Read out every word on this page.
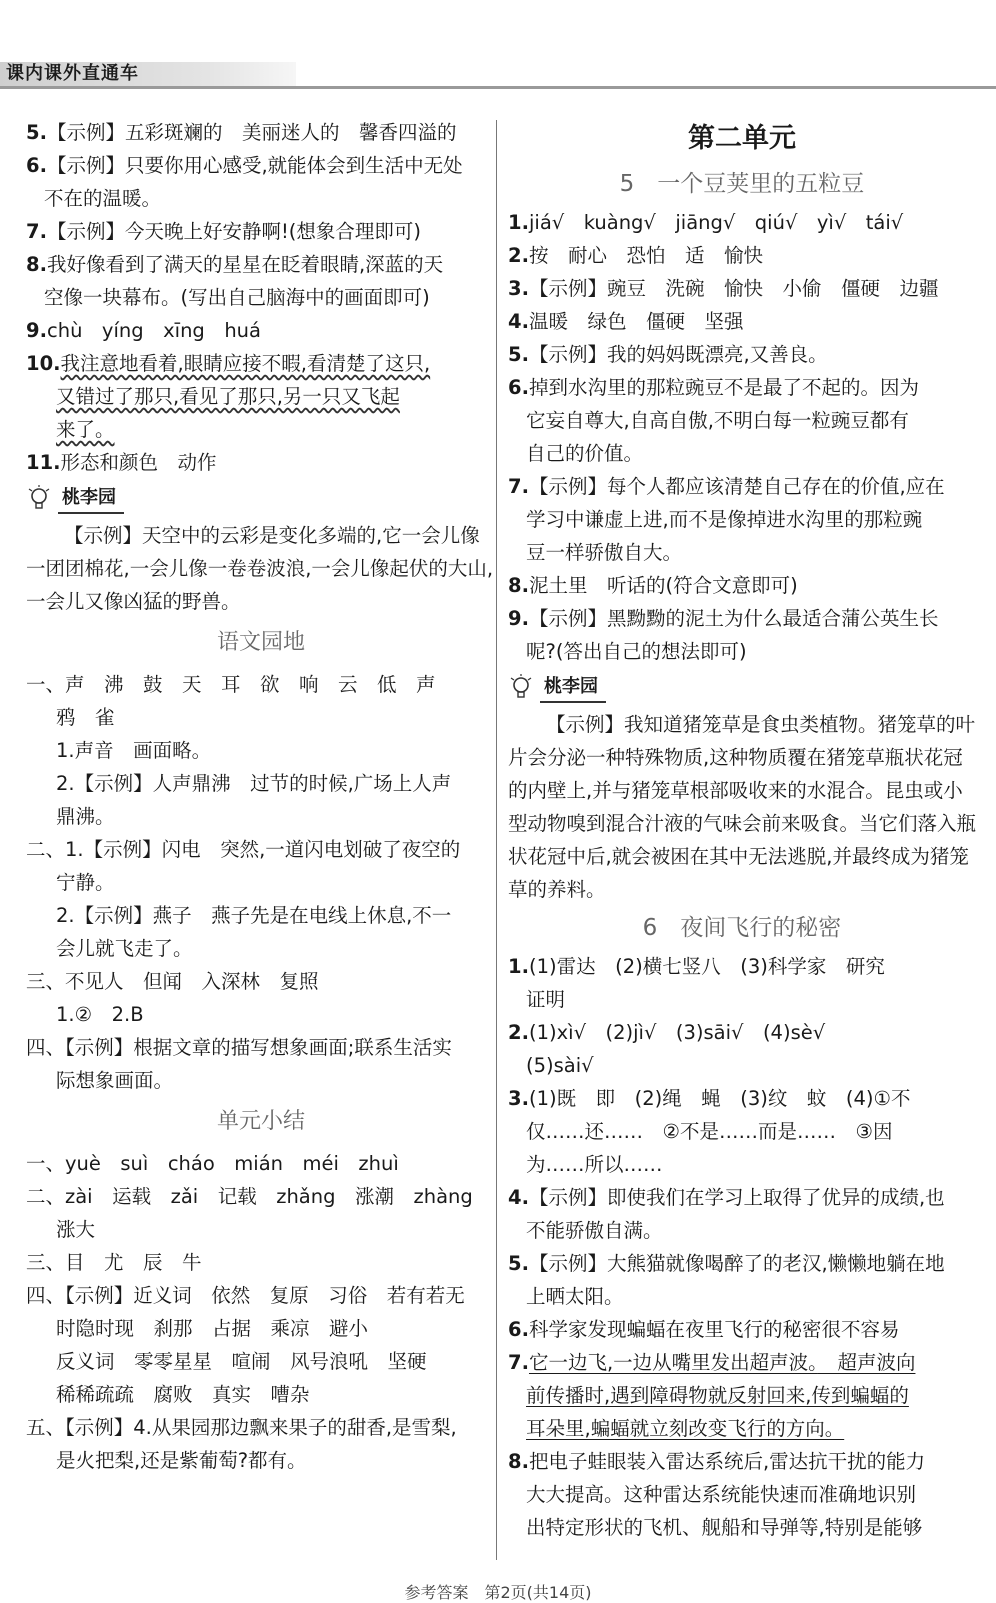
课内课外直通车
5.【示例】五彩斑斓的　美丽迷人的　馨香四溢的
6.【示例】只要你用心感受,就能体会到生活中无处
不在的温暖。
7.【示例】今天晚上好安静啊!(想象合理即可)
8.我好像看到了满天的星星在眨着眼睛,深蓝的天
空像一块幕布。(写出自己脑海中的画面即可)
9.chù　yíng　xīng　huá
10.我注意地看着,眼睛应接不暇,看清楚了这只,
又错过了那只,看见了那只,另一只又飞起
来了。
11.形态和颜色　动作
桃李园
【示例】天空中的云彩是变化多端的,它一会儿像一团团棉花,一会儿像一卷卷波浪,一会儿像起伏的大山,一会儿又像凶猛的野兽。
语文园地
一、声　沸　鼓　天　耳　欲　响　云　低　声
鸦　雀
1.声音　画面略。
2.【示例】人声鼎沸　过节的时候,广场上人声
鼎沸。
二、1.【示例】闪电　突然,一道闪电划破了夜空的
宁静。
2.【示例】燕子　燕子先是在电线上休息,不一
会儿就飞走了。
三、不见人　但闻　入深林　复照
1.②　2.B
四、【示例】根据文章的描写想象画面;联系生活实
际想象画面。
单元小结
一、yuè　suì　cháo　mián　méi　zhuì
二、zài　运载　zǎi　记载　zhǎng　涨潮　zhàng
涨大
三、目　尤　辰　牛
四、【示例】近义词　依然　复原　习俗　若有若无
时隐时现　刹那　占据　乘凉　避小
反义词　零零星星　喧闹　风号浪吼　坚硬
稀稀疏疏　腐败　真实　嘈杂
五、【示例】4.从果园那边飘来果子的甜香,是雪梨,
是火把梨,还是紫葡萄?都有。
第二单元
5　一个豆荚里的五粒豆
1.jiá√　kuàng√　jiāng√　qiú√　yì√　tái√
2.按　耐心　恐怕　适　愉快
3.【示例】豌豆　洗碗　愉快　小偷　僵硬　边疆
4.温暖　绿色　僵硬　坚强
5.【示例】我的妈妈既漂亮,又善良。
6.掉到水沟里的那粒豌豆不是最了不起的。因为
它妄自尊大,自高自傲,不明白每一粒豌豆都有
自己的价值。
7.【示例】每个人都应该清楚自己存在的价值,应在
学习中谦虚上进,而不是像掉进水沟里的那粒豌
豆一样骄傲自大。
8.泥土里　听话的(符合文意即可)
9.【示例】黑黝黝的泥土为什么最适合蒲公英生长
呢?(答出自己的想法即可)
桃李园
【示例】我知道猪笼草是食虫类植物。猪笼草的叶片会分泌一种特殊物质,这种物质覆在猪笼草瓶状花冠的内壁上,并与猪笼草根部吸收来的水混合。昆虫或小型动物嗅到混合汁液的气味会前来吸食。当它们落入瓶状花冠中后,就会被困在其中无法逃脱,并最终成为猪笼草的养料。
6　夜间飞行的秘密
1.(1)雷达　(2)横七竖八　(3)科学家　研究
证明
2.(1)xì√　(2)jì√　(3)sāi√　(4)sè√
(5)sài√
3.(1)既　即　(2)绳　蝇　(3)纹　蚊　(4)①不
仅……还……　②不是……而是……　③因
为……所以……
4.【示例】即使我们在学习上取得了优异的成绩,也
不能骄傲自满。
5.【示例】大熊猫就像喝醉了的老汉,懒懒地躺在地
上晒太阳。
6.科学家发现蝙蝠在夜里飞行的秘密很不容易
7.它一边飞,一边从嘴里发出超声波。　超声波向
前传播时,遇到障碍物就反射回来,传到蝙蝠的
耳朵里,蝙蝠就立刻改变飞行的方向。
8.把电子蛙眼装入雷达系统后,雷达抗干扰的能力
大大提高。这种雷达系统能快速而准确地识别
出特定形状的飞机、舰船和导弹等,特别是能够
参考答案　第2页(共14页)
